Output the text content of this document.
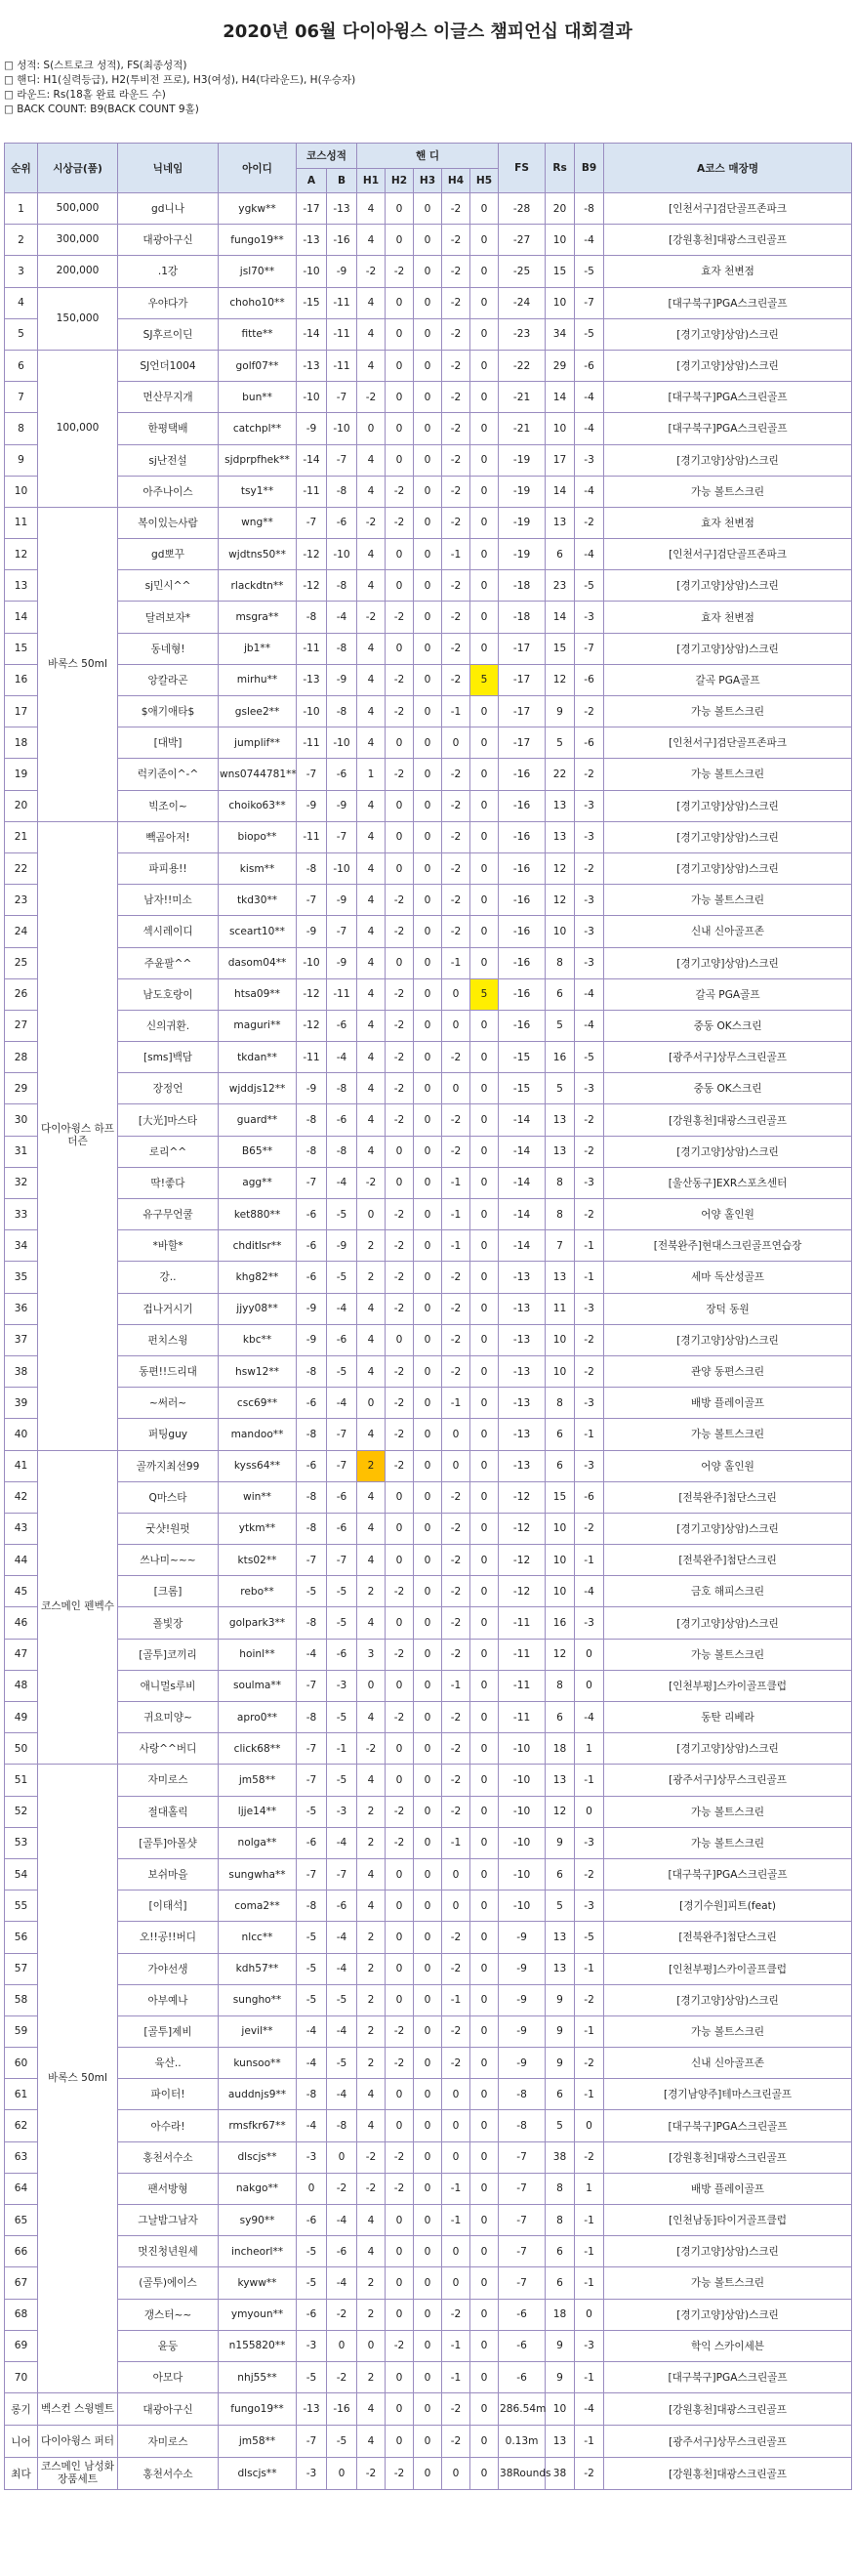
2020년 06월 다이아윙스 이글스 챔피언십 대회결과
□ 성적: S(스트로크 성적), FS(최종성적)
□ 핸디: H1(실력등급), H2(투비전 프로), H3(여성), H4(다라운드), H(우승자)
□ 라운드: Rs(18홀 완료 라운드 수)
□ BACK COUNT: B9(BACK COUNT 9홀)
순위	시상금(품)	닉네임	아이디	코스성적		핸 디					FS	Rs	B9	A코스 매장명
				A	B	H1	H2	H3	H4	H5				
1	500,000	gd니나	ygkw**	-17	-13	4	0	0	-2	0	-28	20	-8	[인천서구]검단골프존파크
2	300,000	대광아구신	fungo19**	-13	-16	4	0	0	-2	0	-27	10	-4	[강원홍천]대광스크린골프
3	200,000	.1강	jsl70**	-10	-9	-2	-2	0	-2	0	-25	15	-5	효자 천변점
4	150,000	우야다가	choho10**	-15	-11	4	0	0	-2	0	-24	10	-7	[대구북구]PGA스크린골프
5		SJ후르이딘	fitte**	-14	-11	4	0	0	-2	0	-23	34	-5	[경기고양]상암)스크린
6	100,000	SJ언더1004	golf07**	-13	-11	4	0	0	-2	0	-22	29	-6	[경기고양]상암)스크린
7		먼산무지개	bun**	-10	-7	-2	0	0	-2	0	-21	14	-4	[대구북구]PGA스크린골프
8		한평택배	catchpl**	-9	-10	0	0	0	-2	0	-21	10	-4	[대구북구]PGA스크린골프
9		sj난전설	sjdprpfhek**	-14	-7	4	0	0	-2	0	-19	17	-3	[경기고양]상암)스크린
10		아주나이스	tsy1**	-11	-8	4	-2	0	-2	0	-19	14	-4	가능 볼트스크린
11	바록스 50ml	복이있는사람	wng**	-7	-6	-2	-2	0	-2	0	-19	13	-2	효자 천변점
12		gd뽀꾸	wjdtns50**	-12	-10	4	0	0	-1	0	-19	6	-4	[인천서구]검단골프존파크
13		sj민시^^	rlackdtn**	-12	-8	4	0	0	-2	0	-18	23	-5	[경기고양]상암)스크린
14		달려보자*	msgra**	-8	-4	-2	-2	0	-2	0	-18	14	-3	효자 천변점
15		동네형!	jb1**	-11	-8	4	0	0	-2	0	-17	15	-7	[경기고양]상암)스크린
16		앙칼라곤	mirhu**	-13	-9	4	-2	0	-2	5	-17	12	-6	갈곡 PGA골프
17		$애기애타$	gslee2**	-10	-8	4	-2	0	-1	0	-17	9	-2	가능 볼트스크린
18		[대박]	jumplif**	-11	-10	4	0	0	0	0	-17	5	-6	[인천서구]검단골프존파크
19		럭키준이^-^	wns0744781**	-7	-6	1	-2	0	-2	0	-16	22	-2	가능 볼트스크린
20		빅조이~	choiko63**	-9	-9	4	0	0	-2	0	-16	13	-3	[경기고양]상암)스크린
21	다이아윙스 하프더즌	빽곰아저!	biopo**	-11	-7	4	0	0	-2	0	-16	13	-3	[경기고양]상암)스크린
22		파피용!!	kism**	-8	-10	4	0	0	-2	0	-16	12	-2	[경기고양]상암)스크린
23		남자!!미소	tkd30**	-7	-9	4	-2	0	-2	0	-16	12	-3	가능 볼트스크린
24		섹시레이디	sceart10**	-9	-7	4	-2	0	-2	0	-16	10	-3	신내 신아골프존
25		주윤팔^^	dasom04**	-10	-9	4	0	0	-1	0	-16	8	-3	[경기고양]상암)스크린
26		남도호랑이	htsa09**	-12	-11	4	-2	0	0	5	-16	6	-4	갈곡 PGA골프
27		신의귀환.	maguri**	-12	-6	4	-2	0	0	0	-16	5	-4	중동 OK스크린
28		[sms]백담	tkdan**	-11	-4	4	-2	0	-2	0	-15	16	-5	[광주서구]상무스크린골프
29		장정언	wjddjs12**	-9	-8	4	-2	0	0	0	-15	5	-3	중동 OK스크린
30		[大光]마스타	guard**	-8	-6	4	-2	0	-2	0	-14	13	-2	[강원홍천]대광스크린골프
31		로리^^	B65**	-8	-8	4	0	0	-2	0	-14	13	-2	[경기고양]상암)스크린
32		딱!좋다	agg**	-7	-4	-2	0	0	-1	0	-14	8	-3	[울산동구]EXR스포츠센터
33		유구무언쿨	ket880**	-6	-5	0	-2	0	-1	0	-14	8	-2	어양 홀인원
34		*바할*	chditlsr**	-6	-9	2	-2	0	-1	0	-14	7	-1	[전북완주]현대스크린골프연습장
35		강..	khg82**	-6	-5	2	-2	0	-2	0	-13	13	-1	세마 독산성골프
36		겁나거시기	jjyy08**	-9	-4	4	-2	0	-2	0	-13	11	-3	장덕 동원
37		펀치스윙	kbc**	-9	-6	4	0	0	-2	0	-13	10	-2	[경기고양]상암)스크린
38		동편!!드리대	hsw12**	-8	-5	4	-2	0	-2	0	-13	10	-2	관양 동편스크린
39		~써러~	csc69**	-6	-4	0	-2	0	-1	0	-13	8	-3	배방 플레이골프
40		퍼팅guy	mandoo**	-8	-7	4	-2	0	0	0	-13	6	-1	가능 볼트스크린
41	코스메인 펜벡수	골까지최선99	kyss64**	-6	-7	2	-2	0	0	0	-13	6	-3	어양 홀인원
42		Q마스타	win**	-8	-6	4	0	0	-2	0	-12	15	-6	[전북완주]첨단스크린
43		굿샷!원펏	ytkm**	-8	-6	4	0	0	-2	0	-12	10	-2	[경기고양]상암)스크린
44		쓰나미~~~	kts02**	-7	-7	4	0	0	-2	0	-12	10	-1	[전북완주]첨단스크린
45		[크롬]	rebo**	-5	-5	2	-2	0	-2	0	-12	10	-4	금호 해피스크린
46		폴빛장	golpark3**	-8	-5	4	0	0	-2	0	-11	16	-3	[경기고양]상암)스크린
47		[골투]코끼리	hoinl**	-4	-6	3	-2	0	-2	0	-11	12	0	가능 볼트스크린
48		애니멀s루비	soulma**	-7	-3	0	0	0	-1	0	-11	8	0	[인천부평]스카이골프클럽
49		귀요미양~	apro0**	-8	-5	4	-2	0	-2	0	-11	6	-4	동탄 리베라
50		사랑^^버디	click68**	-7	-1	-2	0	0	-2	0	-10	18	1	[경기고양]상암)스크린
51	바록스 50ml	자미로스	jm58**	-7	-5	4	0	0	-2	0	-10	13	-1	[광주서구]상무스크린골프
52		절대홀릭	ljje14**	-5	-3	2	-2	0	-2	0	-10	12	0	가능 볼트스크린
53		[골투]아몰샷	nolga**	-6	-4	2	-2	0	-1	0	-10	9	-3	가능 볼트스크린
54		보쉬마을	sungwha**	-7	-7	4	0	0	0	0	-10	6	-2	[대구북구]PGA스크린골프
55		[이태석]	coma2**	-8	-6	4	0	0	0	0	-10	5	-3	[경기수원]피트(feat)
56		오!!공!!버디	nlcc**	-5	-4	2	0	0	-2	0	-9	13	-5	[전북완주]첨단스크린
57		가야선생	kdh57**	-5	-4	2	0	0	-2	0	-9	13	-1	[인천부평]스카이골프클럽
58		아부예나	sungho**	-5	-5	2	0	0	-1	0	-9	9	-2	[경기고양]상암)스크린
59		[골투]제비	jevil**	-4	-4	2	-2	0	-2	0	-9	9	-1	가능 볼트스크린
60		육산..	kunsoo**	-4	-5	2	-2	0	-2	0	-9	9	-2	신내 신아골프존
61		파이터!	auddnjs9**	-8	-4	4	0	0	0	0	-8	6	-1	[경기남양주]테마스크린골프
62		아수라!	rmsfkr67**	-4	-8	4	0	0	0	0	-8	5	0	[대구북구]PGA스크린골프
63		홍천서수소	dlscjs**	-3	0	-2	-2	0	0	0	-7	38	-2	[강원홍천]대광스크린골프
64		팬서방형	nakgo**	0	-2	-2	-2	0	-1	0	-7	8	1	배방 플레이골프
65		그날밤그남자	sy90**	-6	-4	4	0	0	-1	0	-7	8	-1	[인천남동]타이거골프클럽
66		멋진청년원세	incheorl**	-5	-6	4	0	0	0	0	-7	6	-1	[경기고양]상암)스크린
67		(골투)에이스	kyww**	-5	-4	2	0	0	0	0	-7	6	-1	가능 볼트스크린
68		갱스터~~	ymyoun**	-6	-2	2	0	0	-2	0	-6	18	0	[경기고양]상암)스크린
69		윤둥	n155820**	-3	0	0	-2	0	-1	0	-6	9	-3	학익 스카이세븐
70		아모다	nhj55**	-5	-2	2	0	0	-1	0	-6	9	-1	[대구북구]PGA스크린골프
롱기	벡스컨 스윙벨트	대광아구신	fungo19**	-13	-16	4	0	0	-2	0	286.54m	10	-4	[강원홍천]대광스크린골프
니어	다이아윙스 퍼터	자미로스	jm58**	-7	-5	4	0	0	-2	0	0.13m	13	-1	[광주서구]상무스크린골프
최다	코스메인 남성화장품세트	홍천서수소	dlscjs**	-3	0	-2	-2	0	0	0	38Rounds	38	-2	[강원홍천]대광스크린골프
